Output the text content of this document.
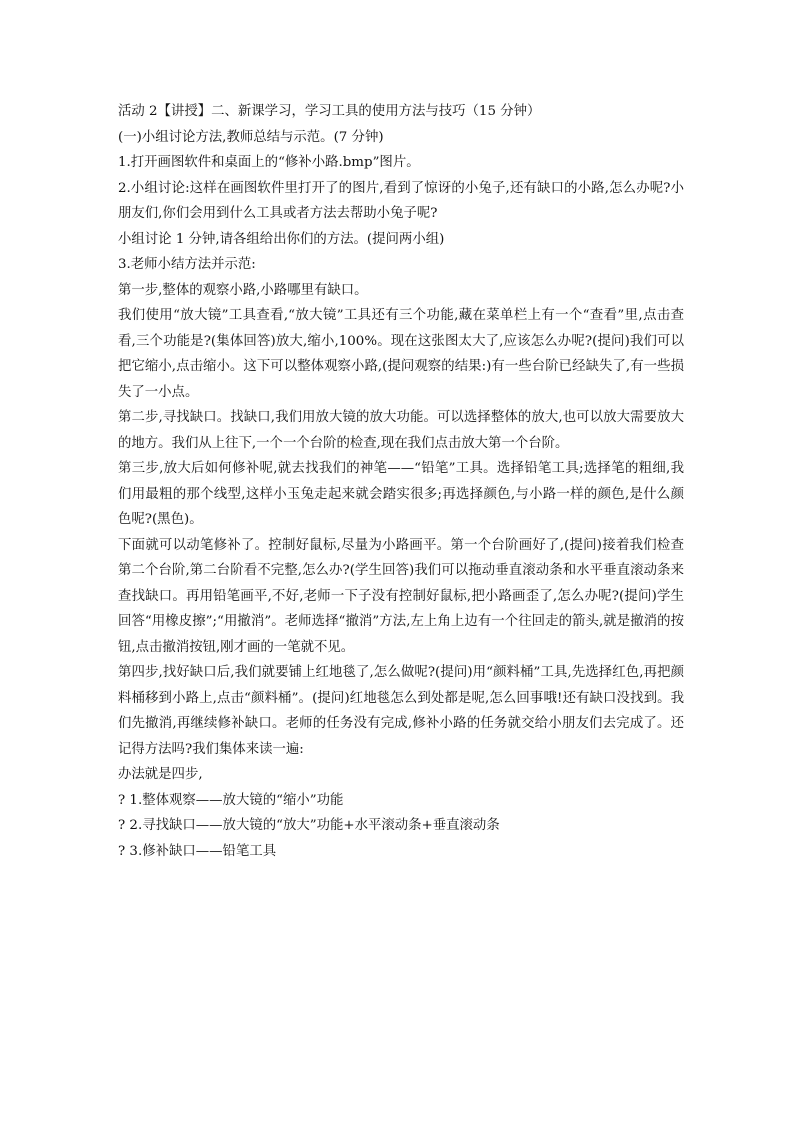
活动 2【讲授】二、新课学习，学习工具的使用方法与技巧（15 分钟）

(一)小组讨论方法,教师总结与示范。(7 分钟)

1.打开画图软件和桌面上的“修补小路.bmp”图片。

2.小组讨论:这样在画图软件里打开了的图片,看到了惊讶的小兔子,还有缺口的小路,怎么办呢?小朋友们,你们会用到什么工具或者方法去帮助小兔子呢?

小组讨论 1 分钟,请各组给出你们的方法。(提问两小组)

3.老师小结方法并示范:

第一步,整体的观察小路,小路哪里有缺口。

我们使用“放大镜”工具查看,“放大镜”工具还有三个功能,藏在菜单栏上有一个“查看”里,点击查看,三个功能是?(集体回答)放大,缩小,100%。现在这张图太大了,应该怎么办呢?(提问)我们可以把它缩小,点击缩小。这下可以整体观察小路,(提问观察的结果:)有一些台阶已经缺失了,有一些损失了一小点。

第二步,寻找缺口。找缺口,我们用放大镜的放大功能。可以选择整体的放大,也可以放大需要放大的地方。我们从上往下,一个一个台阶的检查,现在我们点击放大第一个台阶。

第三步,放大后如何修补呢,就去找我们的神笔——“铅笔”工具。选择铅笔工具;选择笔的粗细,我们用最粗的那个线型,这样小玉兔走起来就会踏实很多;再选择颜色,与小路一样的颜色,是什么颜色呢?(黑色)。

下面就可以动笔修补了。控制好鼠标,尽量为小路画平。第一个台阶画好了,(提问)接着我们检查第二个台阶,第二台阶看不完整,怎么办?(学生回答)我们可以拖动垂直滚动条和水平垂直滚动条来查找缺口。再用铅笔画平,不好,老师一下子没有控制好鼠标,把小路画歪了,怎么办呢?(提问)学生回答“用橡皮擦”;“用撤消”。老师选择“撤消”方法,左上角上边有一个往回走的箭头,就是撤消的按钮,点击撤消按钮,刚才画的一笔就不见。

第四步,找好缺口后,我们就要铺上红地毯了,怎么做呢?(提问)用“颜料桶”工具,先选择红色,再把颜料桶移到小路上,点击“颜料桶”。(提问)红地毯怎么到处都是呢,怎么回事哦!还有缺口没找到。我们先撤消,再继续修补缺口。老师的任务没有完成,修补小路的任务就交给小朋友们去完成了。还记得方法吗?我们集体来读一遍:

办法就是四步,

? 1.整体观察——放大镜的“缩小”功能

? 2.寻找缺口——放大镜的“放大”功能+水平滚动条+垂直滚动条

? 3.修补缺口——铅笔工具
